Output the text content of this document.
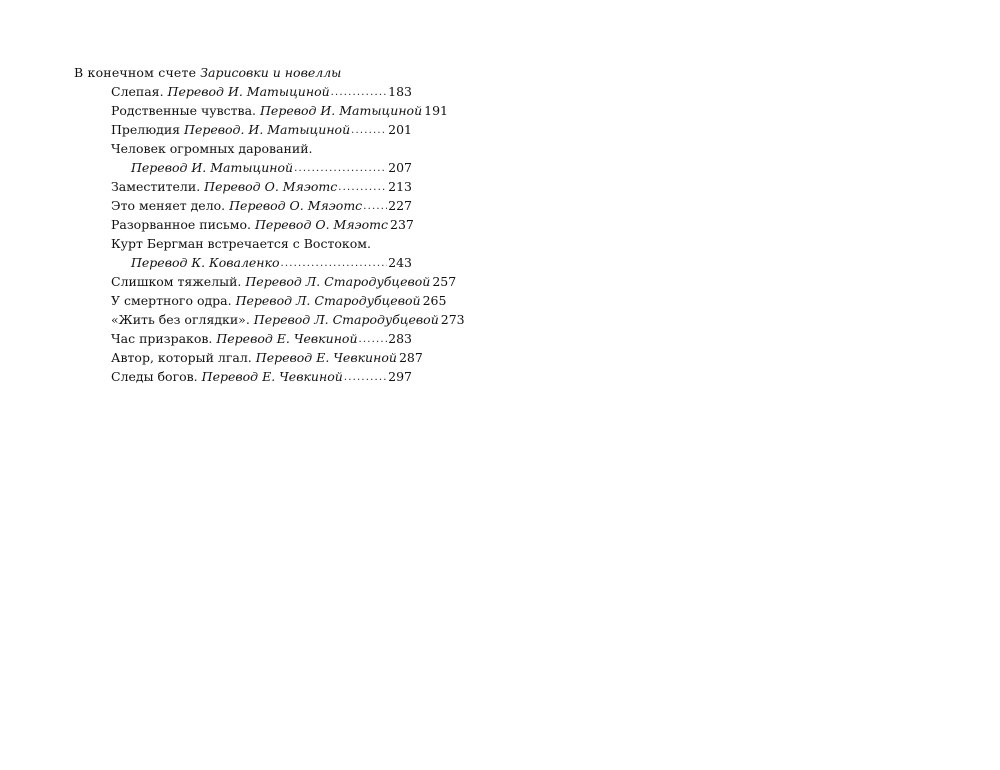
В конечном счете Зарисовки и новеллы
Слепая. Перевод И. Матыциной .....	183
Родственные чувства. Перевод И. Матыциной 191
Прелюдия Перевод. И. Матыциной .....	201
Человек огромных дарований.
Перевод И. Матыциной .....	207
Заместители. Перевод О. Мяэотс .....	213
Это меняет дело. Перевод О. Мяэотс ..... 227
Разорванное письмо. Перевод О. Мяэотс 237
Курт Бергман встречается с Востоком.
Перевод К. Коваленко .....	243
Слишком тяжелый. Перевод Л. Стародубцевой 257
У смертного одра. Перевод Л. Стародубцевой 265
«Жить без оглядки». Перевод Л. Стародубцевой 273
Час призраков. Перевод Е. Чевкиной ..... 283
Автор, который лгал. Перевод Е. Чевкиной 287
Следы богов. Перевод Е. Чевкиной .....	297
